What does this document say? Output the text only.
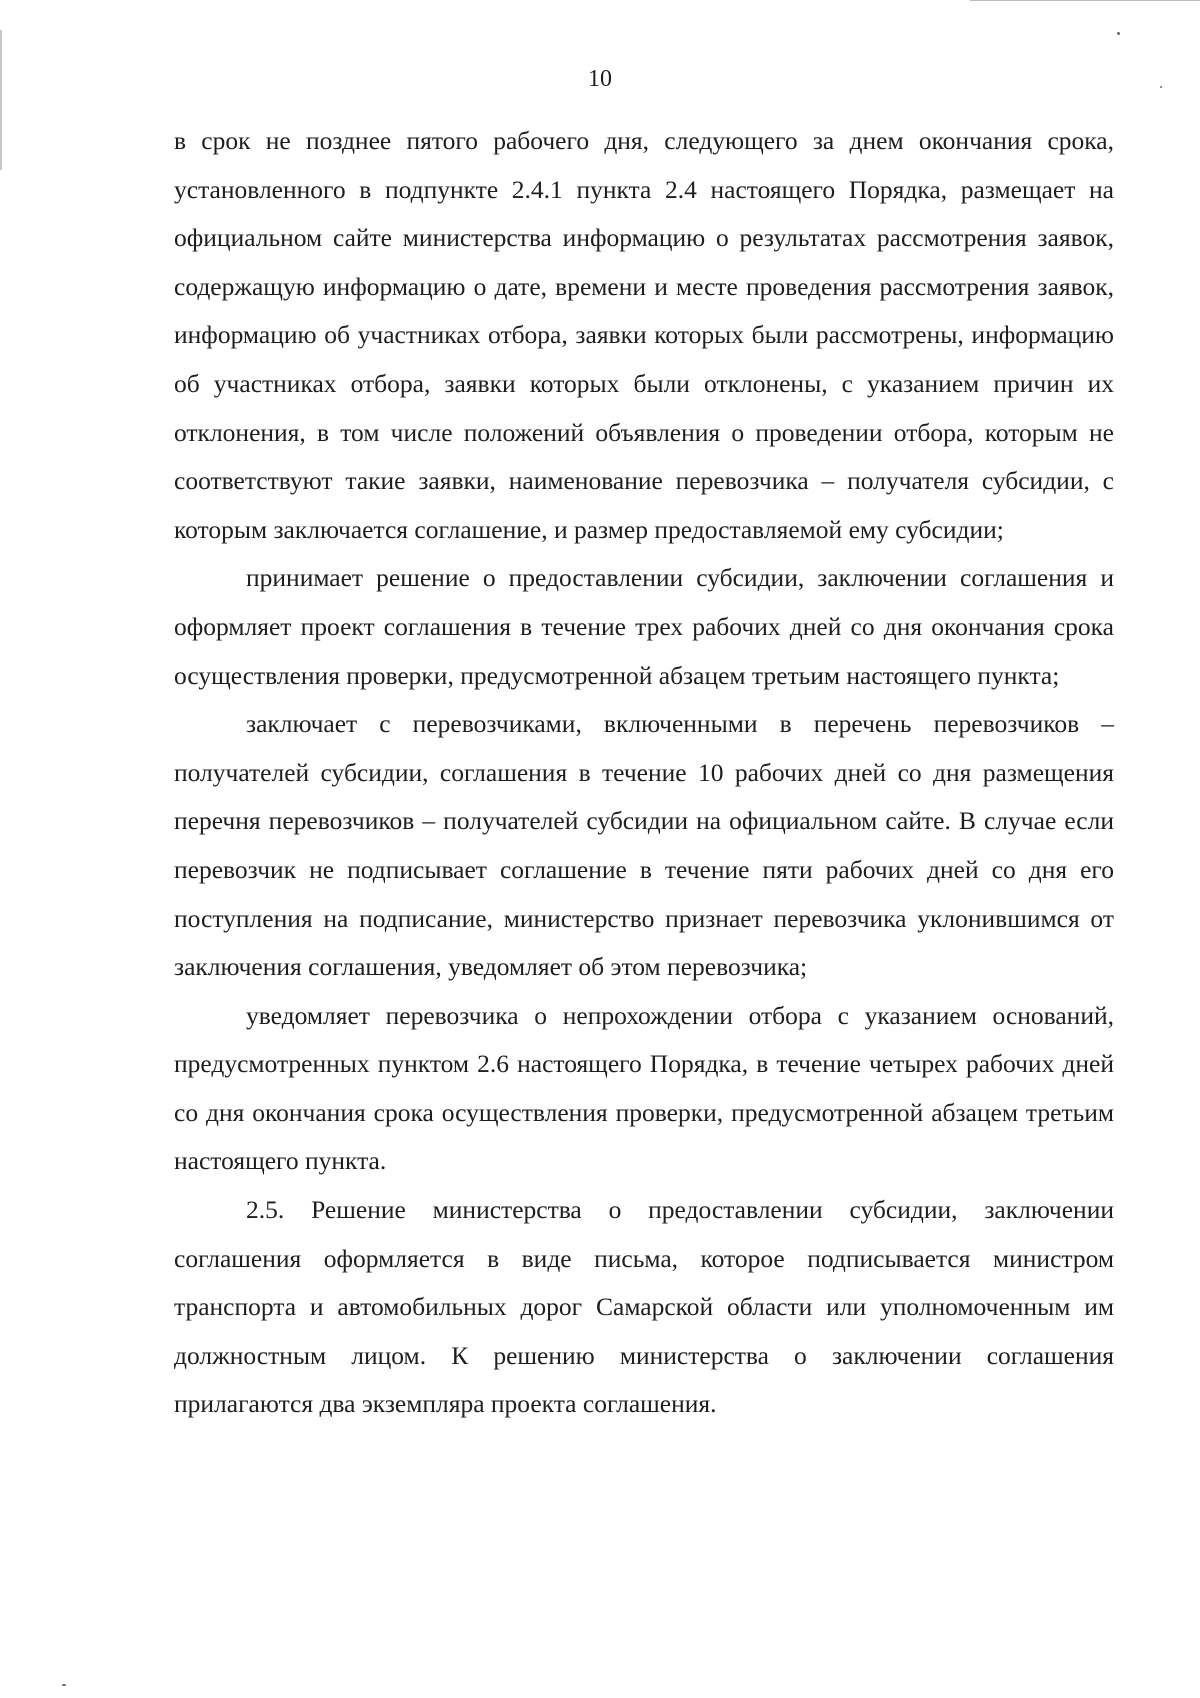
10

в срок не позднее пятого рабочего дня, следующего за днем окончания срока, установленного в подпункте 2.4.1 пункта 2.4 настоящего Порядка, размещает на официальном сайте министерства информацию о результатах рассмотрения заявок, содержащую информацию о дате, времени и месте проведения рассмотрения заявок, информацию об участниках отбора, заявки которых были рассмотрены, информацию об участниках отбора, заявки которых были отклонены, с указанием причин их отклонения, в том числе положений объявления о проведении отбора, которым не соответствуют такие заявки, наименование перевозчика – получателя субсидии, с которым заключается соглашение, и размер предоставляемой ему субсидии;

принимает решение о предоставлении субсидии, заключении соглашения и оформляет проект соглашения в течение трех рабочих дней со дня окончания срока осуществления проверки, предусмотренной абзацем третьим настоящего пункта;

заключает с перевозчиками, включенными в перечень перевозчиков – получателей субсидии, соглашения в течение 10 рабочих дней со дня размещения перечня перевозчиков – получателей субсидии на официальном сайте. В случае если перевозчик не подписывает соглашение в течение пяти рабочих дней со дня его поступления на подписание, министерство признает перевозчика уклонившимся от заключения соглашения, уведомляет об этом перевозчика;

уведомляет перевозчика о непрохождении отбора с указанием оснований, предусмотренных пунктом 2.6 настоящего Порядка, в течение четырех рабочих дней со дня окончания срока осуществления проверки, предусмотренной абзацем третьим настоящего пункта.

2.5. Решение министерства о предоставлении субсидии, заключении соглашения оформляется в виде письма, которое подписывается министром транспорта и автомобильных дорог Самарской области или уполномоченным им должностным лицом. К решению министерства о заключении соглашения прилагаются два экземпляра проекта соглашения.
